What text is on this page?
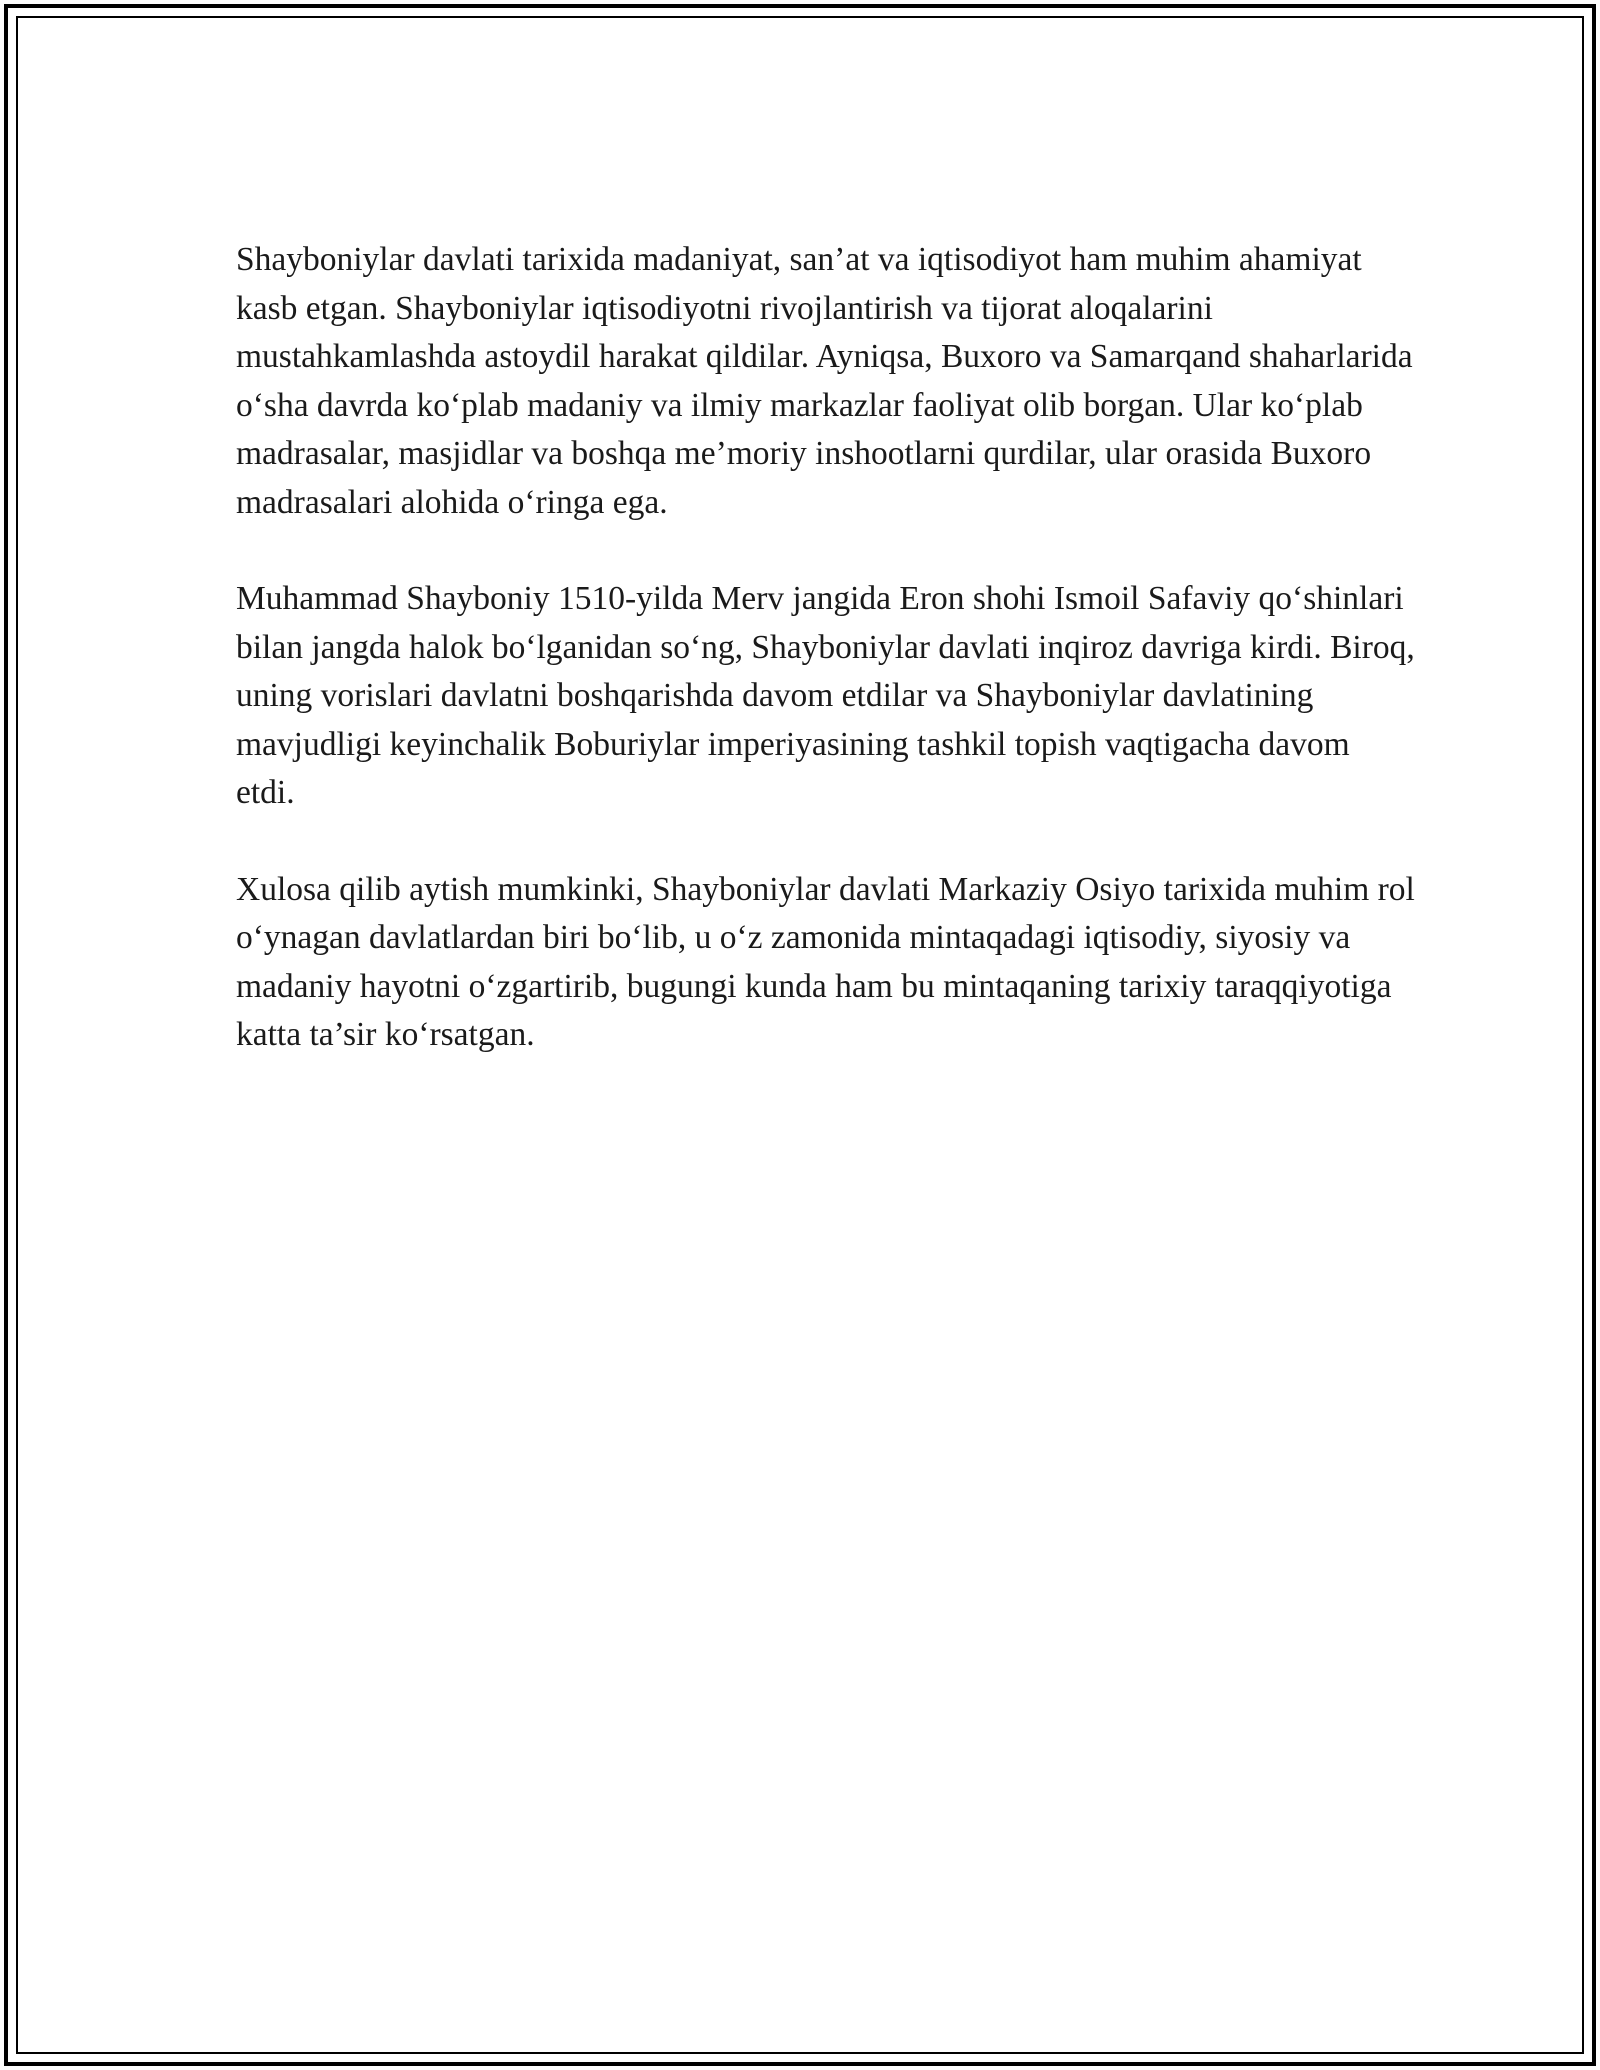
Shayboniylar davlati tarixida madaniyat, san’at va iqtisodiyot ham muhim ahamiyat kasb etgan. Shayboniylar iqtisodiyotni rivojlantirish va tijorat aloqalarini mustahkamlashda astoydil harakat qildilar. Ayniqsa, Buxoro va Samarqand shaharlarida o‘sha davrda ko‘plab madaniy va ilmiy markazlar faoliyat olib borgan. Ular ko‘plab madrasalar, masjidlar va boshqa me’moriy inshootlarni qurdilar, ular orasida Buxoro madrasalari alohida o‘ringa ega.

Muhammad Shayboniy 1510-yilda Merv jangida Eron shohi Ismoil Safaviy qo‘shinlari bilan jangda halok bo‘lganidan so‘ng, Shayboniylar davlati inqiroz davriga kirdi. Biroq, uning vorislari davlatni boshqarishda davom etdilar va Shayboniylar davlatining mavjudligi keyinchalik Boburiylar imperiyasining tashkil topish vaqtigacha davom etdi.

Xulosa qilib aytish mumkinki, Shayboniylar davlati Markaziy Osiyo tarixida muhim rol o‘ynagan davlatlardan biri bo‘lib, u o‘z zamonida mintaqadagi iqtisodiy, siyosiy va madaniy hayotni o‘zgartirib, bugungi kunda ham bu mintaqaning tarixiy taraqqiyotiga katta ta’sir ko‘rsatgan.
